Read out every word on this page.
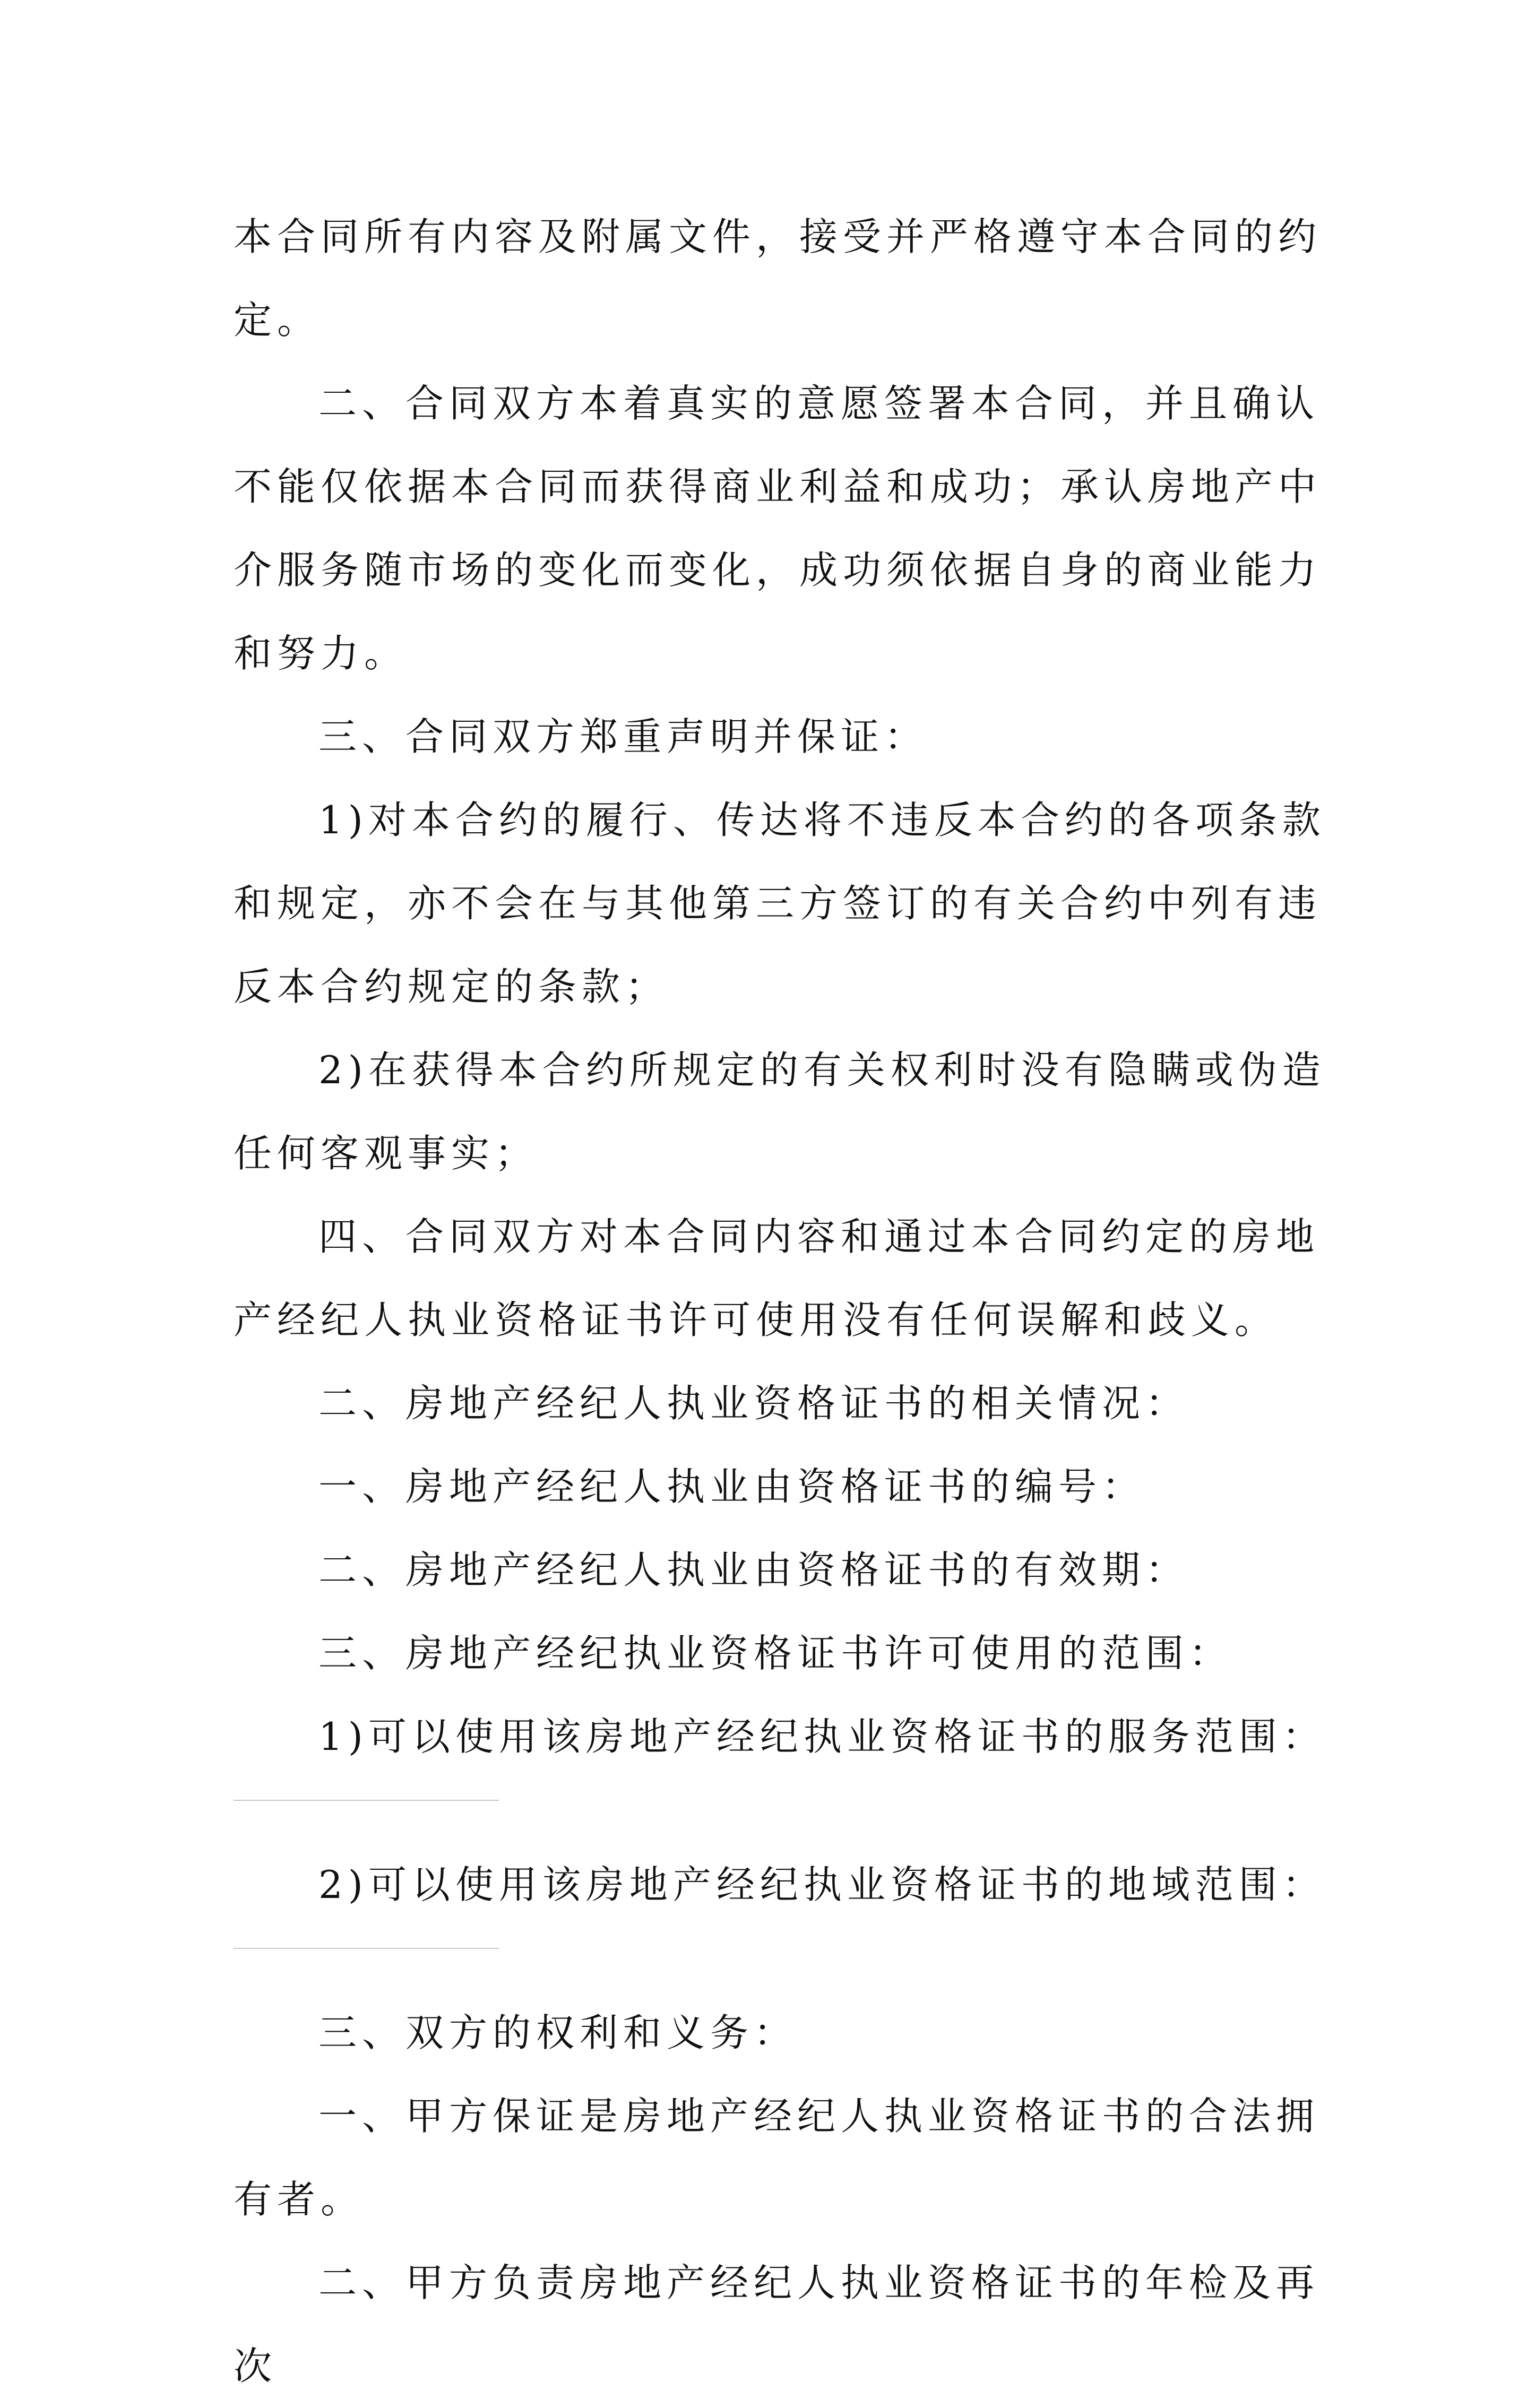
本合同所有内容及附属文件，接受并严格遵守本合同的约定。

二、合同双方本着真实的意愿签署本合同，并且确认不能仅依据本合同而获得商业利益和成功；承认房地产中介服务随市场的变化而变化，成功须依据自身的商业能力和努力。

三、合同双方郑重声明并保证：

1)对本合约的履行、传达将不违反本合约的各项条款和规定，亦不会在与其他第三方签订的有关合约中列有违反本合约规定的条款；

2)在获得本合约所规定的有关权利时没有隐瞒或伪造任何客观事实；

四、合同双方对本合同内容和通过本合同约定的房地产经纪人执业资格证书许可使用没有任何误解和歧义。

二、房地产经纪人执业资格证书的相关情况：

一、房地产经纪人执业由资格证书的编号：

二、房地产经纪人执业由资格证书的有效期：

三、房地产经纪执业资格证书许可使用的范围：

1)可以使用该房地产经纪执业资格证书的服务范围：

2)可以使用该房地产经纪执业资格证书的地域范围：

三、双方的权利和义务：

一、甲方保证是房地产经纪人执业资格证书的合法拥有者。

二、甲方负责房地产经纪人执业资格证书的年检及再次
